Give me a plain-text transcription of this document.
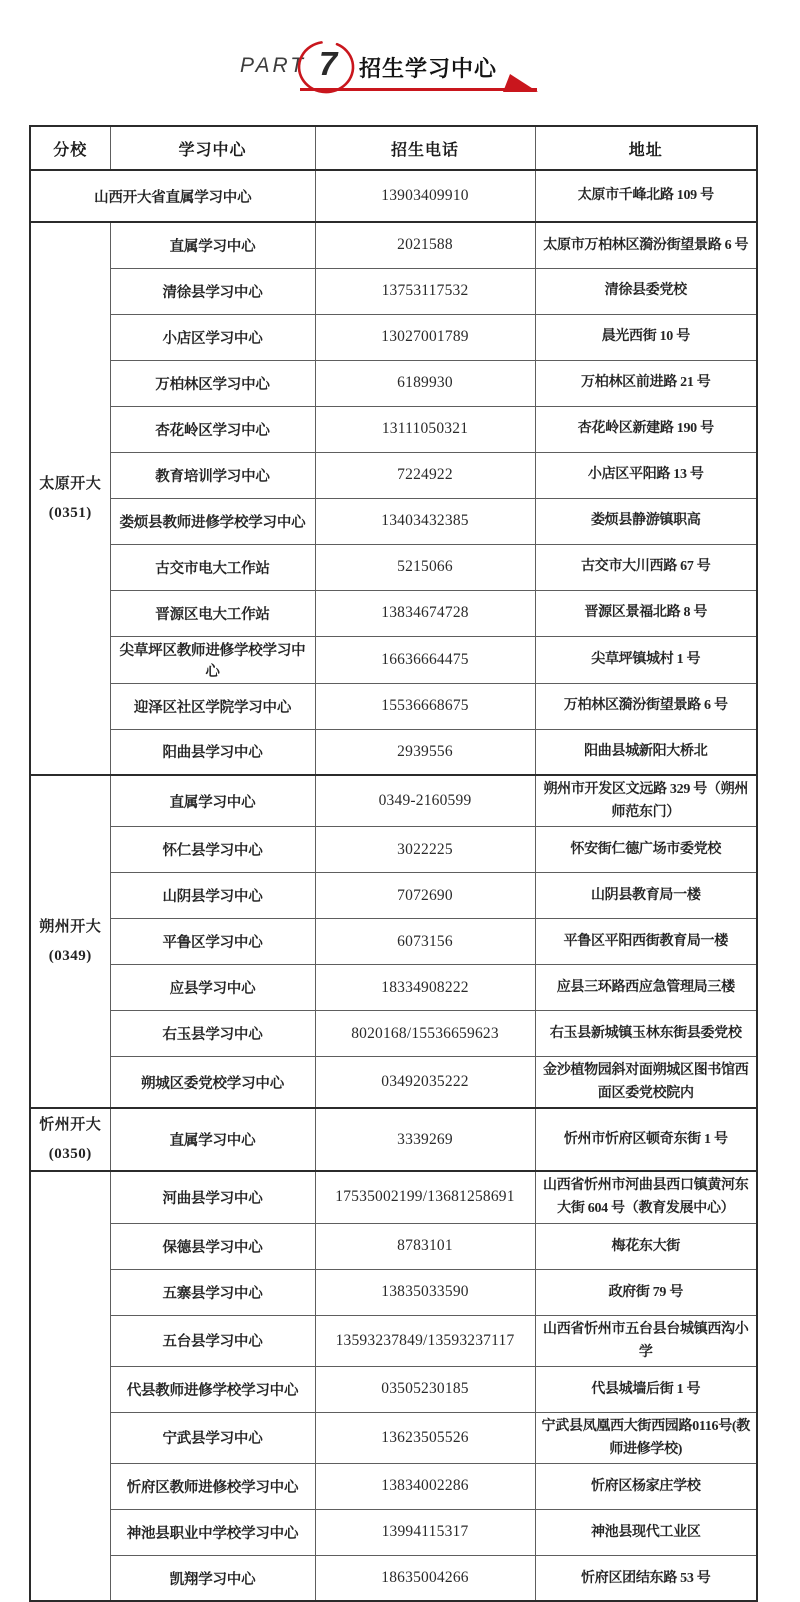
PART 7 招生学习中心
分校	学习中心	招生电话	地址
山西开大省直属学习中心		13903409910	太原市千峰北路 109 号

太原开大
(0351)	直属学习中心	2021588	太原市万柏林区漪汾街望景路 6 号
	清徐县学习中心	13753117532	清徐县委党校
	小店区学习中心	13027001789	晨光西街 10 号
	万柏林区学习中心	6189930	万柏林区前进路 21 号
	杏花岭区学习中心	13111050321	杏花岭区新建路 190 号
	教育培训学习中心	7224922	小店区平阳路 13 号
	娄烦县教师进修学校学习中心	13403432385	娄烦县静游镇职高
	古交市电大工作站	5215066	古交市大川西路 67 号
	晋源区电大工作站	13834674728	晋源区景福北路 8 号
	尖草坪区教师进修学校学习中心	16636664475	尖草坪镇城村 1 号
	迎泽区社区学院学习中心	15536668675	万柏林区漪汾街望景路 6 号
	阳曲县学习中心	2939556	阳曲县城新阳大桥北

朔州开大
(0349)	直属学习中心	0349-2160599	朔州市开发区文远路 329 号（朔州师范东门）
	怀仁县学习中心	3022225	怀安街仁德广场市委党校
	山阴县学习中心	7072690	山阴县教育局一楼
	平鲁区学习中心	6073156	平鲁区平阳西街教育局一楼
	应县学习中心	18334908222	应县三环路西应急管理局三楼
	右玉县学习中心	8020168/15536659623	右玉县新城镇玉林东街县委党校
	朔城区委党校学习中心	03492035222	金沙植物园斜对面朔城区图书馆西面区委党校院内

忻州开大
(0350)	直属学习中心	3339269	忻州市忻府区顿奇东街 1 号

	河曲县学习中心	17535002199/13681258691	山西省忻州市河曲县西口镇黄河东大街 604 号（教育发展中心）
	保德县学习中心	8783101	梅花东大街
	五寨县学习中心	13835033590	政府街 79 号
	五台县学习中心	13593237849/13593237117	山西省忻州市五台县台城镇西沟小学
	代县教师进修学校学习中心	03505230185	代县城墙后街 1 号
	宁武县学习中心	13623505526	宁武县凤凰西大街西园路0116号(教师进修学校)
	忻府区教师进修校学习中心	13834002286	忻府区杨家庄学校
	神池县职业中学校学习中心	13994115317	神池县现代工业区
	凯翔学习中心	18635004266	忻府区团结东路 53 号
